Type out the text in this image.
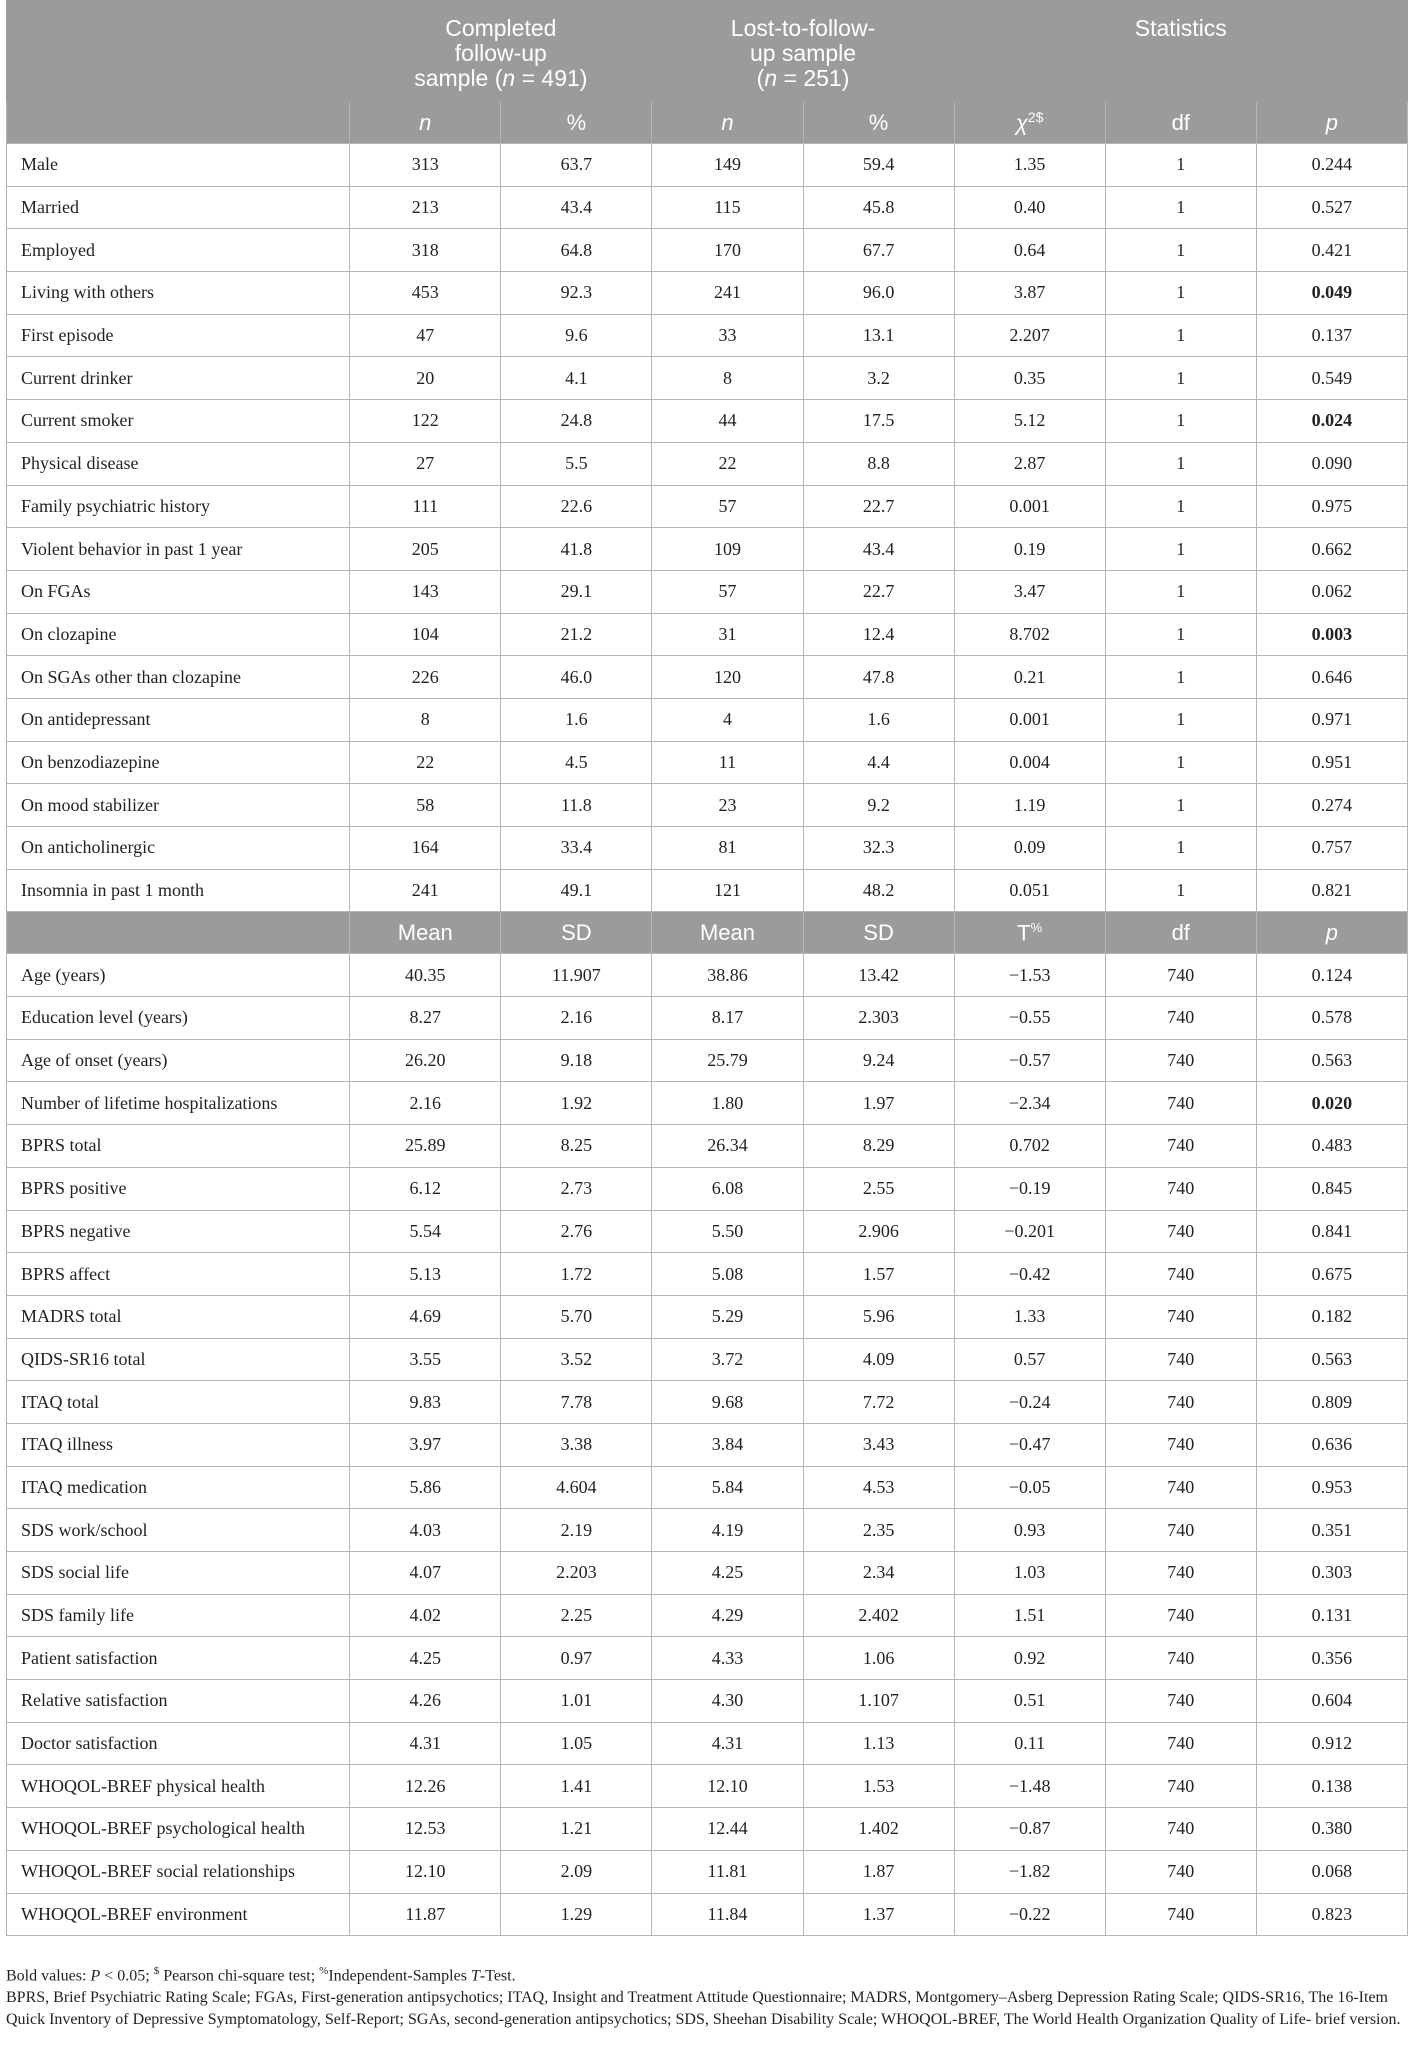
	Completed
follow-up
sample (n = 491)		Lost-to-follow-
up sample
(n = 251)		Statistics		
	n	%	n	%	$\chi^{2\$}$	df	p
Male	313	63.7	149	59.4	1.35	1	0.244
Married	213	43.4	115	45.8	0.40	1	0.527
Employed	318	64.8	170	67.7	0.64	1	0.421
Living with others	453	92.3	241	96.0	3.87	1	0.049
First episode	47	9.6	33	13.1	2.207	1	0.137
Current drinker	20	4.1	8	3.2	0.35	1	0.549
Current smoker	122	24.8	44	17.5	5.12	1	0.024
Physical disease	27	5.5	22	8.8	2.87	1	0.090
Family psychiatric history	111	22.6	57	22.7	0.001	1	0.975
Violent behavior in past 1 year	205	41.8	109	43.4	0.19	1	0.662
On FGAs	143	29.1	57	22.7	3.47	1	0.062
On clozapine	104	21.2	31	12.4	8.702	1	0.003
On SGAs other than clozapine	226	46.0	120	47.8	0.21	1	0.646
On antidepressant	8	1.6	4	1.6	0.001	1	0.971
On benzodiazepine	22	4.5	11	4.4	0.004	1	0.951
On mood stabilizer	58	11.8	23	9.2	1.19	1	0.274
On anticholinergic	164	33.4	81	32.3	0.09	1	0.757
Insomnia in past 1 month	241	49.1	121	48.2	0.051	1	0.821
	Mean	SD	Mean	SD	T%	df	p
Age (years)	40.35	11.907	38.86	13.42	−1.53	740	0.124
Education level (years)	8.27	2.16	8.17	2.303	−0.55	740	0.578
Age of onset (years)	26.20	9.18	25.79	9.24	−0.57	740	0.563
Number of lifetime hospitalizations	2.16	1.92	1.80	1.97	−2.34	740	0.020
BPRS total	25.89	8.25	26.34	8.29	0.702	740	0.483
BPRS positive	6.12	2.73	6.08	2.55	−0.19	740	0.845
BPRS negative	5.54	2.76	5.50	2.906	−0.201	740	0.841
BPRS affect	5.13	1.72	5.08	1.57	−0.42	740	0.675
MADRS total	4.69	5.70	5.29	5.96	1.33	740	0.182
QIDS-SR16 total	3.55	3.52	3.72	4.09	0.57	740	0.563
ITAQ total	9.83	7.78	9.68	7.72	−0.24	740	0.809
ITAQ illness	3.97	3.38	3.84	3.43	−0.47	740	0.636
ITAQ medication	5.86	4.604	5.84	4.53	−0.05	740	0.953
SDS work/school	4.03	2.19	4.19	2.35	0.93	740	0.351
SDS social life	4.07	2.203	4.25	2.34	1.03	740	0.303
SDS family life	4.02	2.25	4.29	2.402	1.51	740	0.131
Patient satisfaction	4.25	0.97	4.33	1.06	0.92	740	0.356
Relative satisfaction	4.26	1.01	4.30	1.107	0.51	740	0.604
Doctor satisfaction	4.31	1.05	4.31	1.13	0.11	740	0.912
WHOQOL-BREF physical health	12.26	1.41	12.10	1.53	−1.48	740	0.138
WHOQOL-BREF psychological health	12.53	1.21	12.44	1.402	−0.87	740	0.380
WHOQOL-BREF social relationships	12.10	2.09	11.81	1.87	−1.82	740	0.068
WHOQOL-BREF environment	11.87	1.29	11.84	1.37	−0.22	740	0.823

Bold values: P < 0.05; $ Pearson chi-square test; %Independent-Samples T-Test.

BPRS, Brief Psychiatric Rating Scale; FGAs, First-generation antipsychotics; ITAQ, Insight and Treatment Attitude Questionnaire; MADRS, Montgomery–Asberg Depression Rating Scale; QIDS-SR16, The 16-Item Quick Inventory of Depressive Symptomatology, Self-Report; SGAs, second-generation antipsychotics; SDS, Sheehan Disability Scale; WHOQOL-BREF, The World Health Organization Quality of Life- brief version.
